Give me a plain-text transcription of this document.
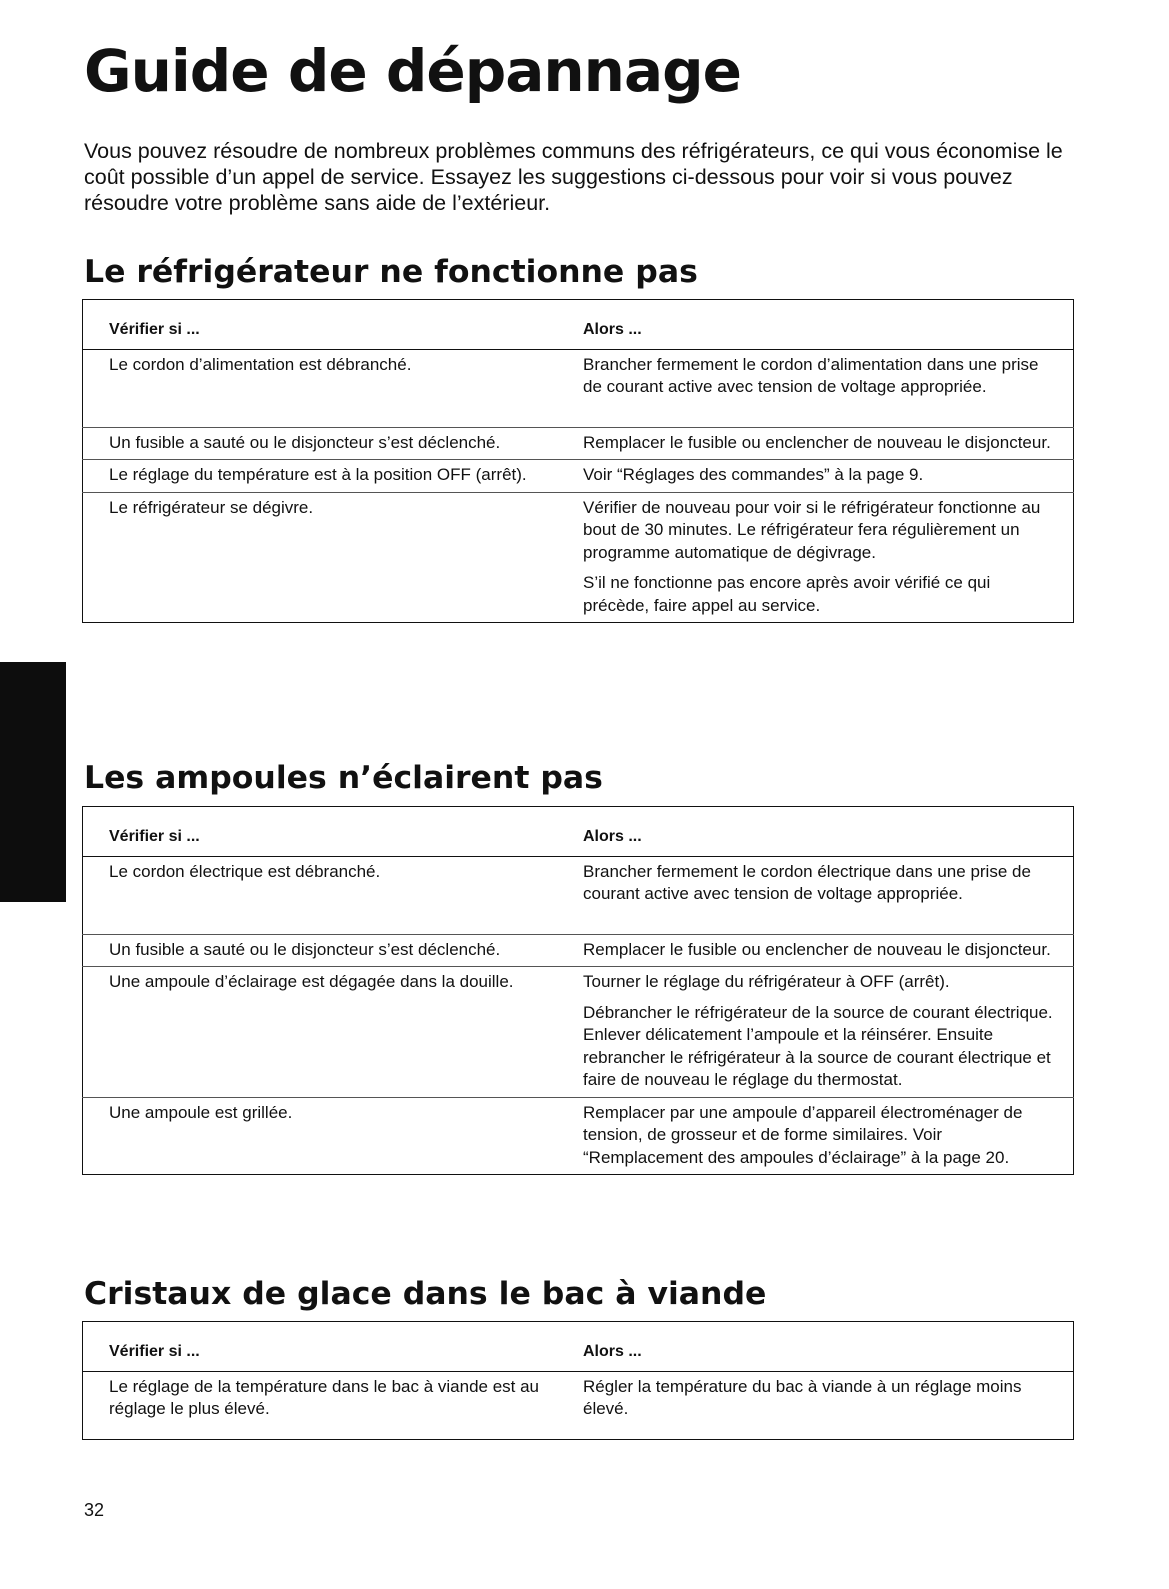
Guide de dépannage

Vous pouvez résoudre de nombreux problèmes communs des réfrigérateurs, ce qui vous économise le coût possible d’un appel de service. Essayez les suggestions ci-dessous pour voir si vous pouvez résoudre votre problème sans aide de l’extérieur.

Le réfrigérateur ne fonctionne pas
Vérifier si ...	Alors ...
Le cordon d’alimentation est débranché.	Brancher fermement le cordon d’alimentation dans une prise de courant active avec tension de voltage appropriée.

Un fusible a sauté ou le disjoncteur s’est déclenché.	Remplacer le fusible ou enclencher de nouveau le disjoncteur.

Le réglage du température est à la position OFF (arrêt).	Voir “Réglages des commandes” à la page 9.

Le réfrigérateur se dégivre.	Vérifier de nouveau pour voir si le réfrigérateur fonctionne au bout de 30 minutes. Le réfrigérateur fera régulièrement un programme automatique de dégivrage.

S’il ne fonctionne pas encore après avoir vérifié ce qui précède, faire appel au service.

Les ampoules n’éclairent pas
Vérifier si ...	Alors ...
Le cordon électrique est débranché.	Brancher fermement le cordon électrique dans une prise de courant active avec tension de voltage appropriée.

Un fusible a sauté ou le disjoncteur s’est déclenché.	Remplacer le fusible ou enclencher de nouveau le disjoncteur.

Une ampoule d’éclairage est dégagée dans la douille.	Tourner le réglage du réfrigérateur à OFF (arrêt).

Débrancher le réfrigérateur de la source de courant électrique. Enlever délicatement l’ampoule et la réinsérer. Ensuite rebrancher le réfrigérateur à la source de courant électrique et faire de nouveau le réglage du thermostat.

Une ampoule est grillée.	Remplacer par une ampoule d’appareil électroménager de tension, de grosseur et de forme similaires. Voir “Remplacement des ampoules d’éclairage” à la page 20.

Cristaux de glace dans le bac à viande
Vérifier si ...	Alors ...
Le réglage de la température dans le bac à viande est au réglage le plus élevé.	Régler la température du bac à viande à un réglage moins élevé.

32
